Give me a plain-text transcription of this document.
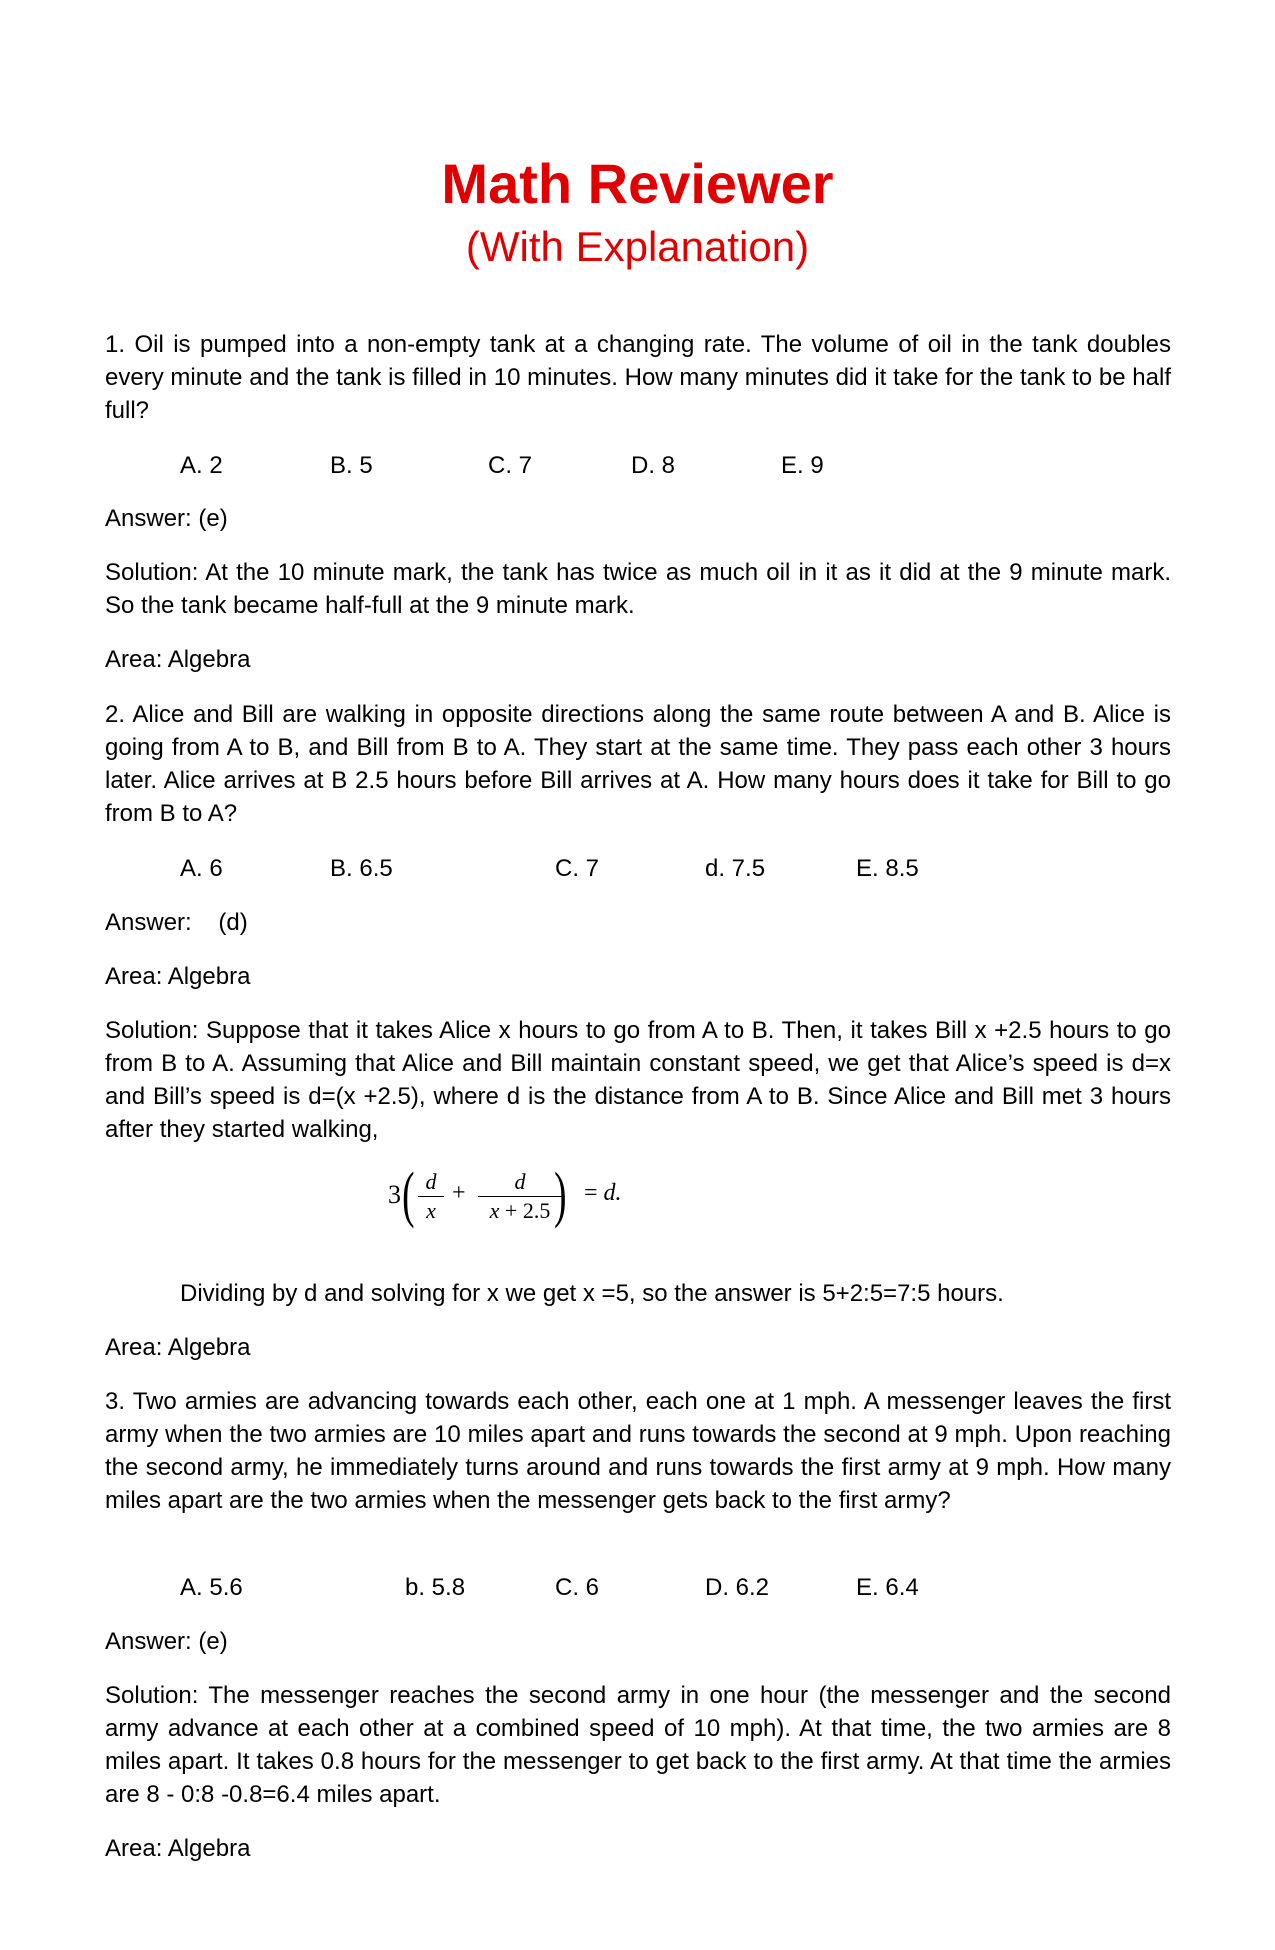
Math Reviewer
(With Explanation)

1. Oil is pumped into a non-empty tank at a changing rate. The volume of oil in the tank doubles every minute and the tank is filled in 10 minutes. How many minutes did it take for the tank to be half full?

A. 2	B. 5	C. 7	D. 8	E. 9

Answer: (e)

Solution: At the 10 minute mark, the tank has twice as much oil in it as it did at the 9 minute mark. So the tank became half-full at the 9 minute mark.

Area: Algebra

2. Alice and Bill are walking in opposite directions along the same route between A and B. Alice is going from A to B, and Bill from B to A. They start at the same time. They pass each other 3 hours later. Alice arrives at B 2.5 hours before Bill arrives at A. How many hours does it take for Bill to go from B to A?

A. 6	B. 6.5	C. 7	d. 7.5	E. 8.5

Answer:    (d)

Area: Algebra

Solution: Suppose that it takes Alice x hours to go from A to B. Then, it takes Bill x +2.5 hours to go from B to A. Assuming that Alice and Bill maintain constant speed, we get that Alice’s speed is d=x and Bill’s speed is d=(x +2.5), where d is the distance from A to B. Since Alice and Bill met 3 hours after they started walking,

3 ( d
x
+	d
x + 2.5 ) = d.

Dividing by d and solving for x we get x =5, so the answer is 5+2:5=7:5 hours.

Area: Algebra

3. Two armies are advancing towards each other, each one at 1 mph. A messenger leaves the first army when the two armies are 10 miles apart and runs towards the second at 9 mph. Upon reaching the second army, he immediately turns around and runs towards the first army at 9 mph. How many miles apart are the two armies when the messenger gets back to the first army?

A. 5.6	b. 5.8	C. 6	D. 6.2	E. 6.4

Answer: (e)

Solution: The messenger reaches the second army in one hour (the messenger and the second army advance at each other at a combined speed of 10 mph). At that time, the two armies are 8 miles apart. It takes 0.8 hours for the messenger to get back to the first army. At that time the armies are 8 - 0:8 -0.8=6.4 miles apart.

Area: Algebra
